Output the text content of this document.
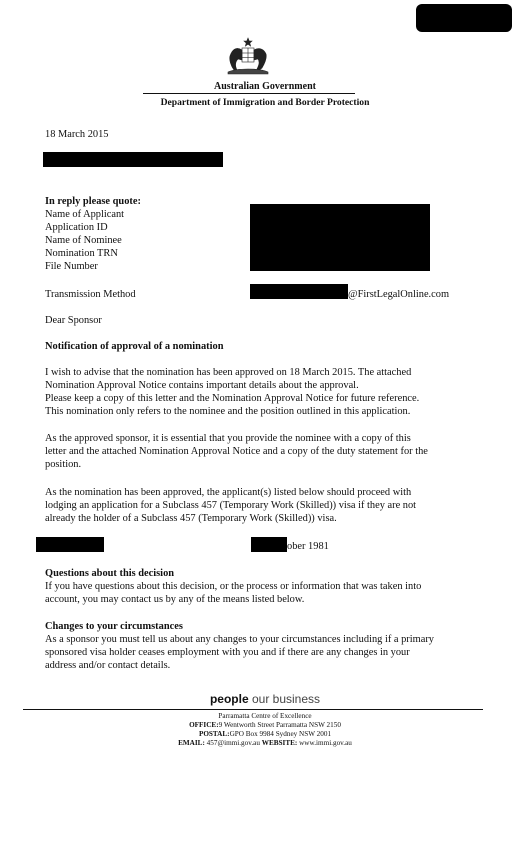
Australian Government
Department of Immigration and Border Protection
18 March 2015
In reply please quote:
Name of Applicant
Application ID
Name of Nominee
Nomination TRN
File Number
Transmission Method	@FirstLegalOnline.com
Dear Sponsor
Notification of approval of a nomination
I wish to advise that the nomination has been approved on 18 March 2015. The attached
Nomination Approval Notice contains important details about the approval.
Please keep a copy of this letter and the Nomination Approval Notice for future reference.
This nomination only refers to the nominee and the position outlined in this application.
As the approved sponsor, it is essential that you provide the nominee with a copy of this
letter and the attached Nomination Approval Notice and a copy of the duty statement for the
position.
As the nomination has been approved, the applicant(s) listed below should proceed with
lodging an application for a Subclass 457 (Temporary Work (Skilled)) visa if they are not
already the holder of a Subclass 457 (Temporary Work (Skilled)) visa.
ober 1981
Questions about this decision
If you have questions about this decision, or the process or information that was taken into
account, you may contact us by any of the means listed below.
Changes to your circumstances
As a sponsor you must tell us about any changes to your circumstances including if a primary
sponsored visa holder ceases employment with you and if there are any changes in your
address and/or contact details.
people our business
Parramatta Centre of Excellence
OFFICE:9 Wentworth Street Parramatta NSW 2150
POSTAL:GPO Box 9984 Sydney NSW 2001
EMAIL: 457@immi.gov.au WEBSITE: www.immi.gov.au
